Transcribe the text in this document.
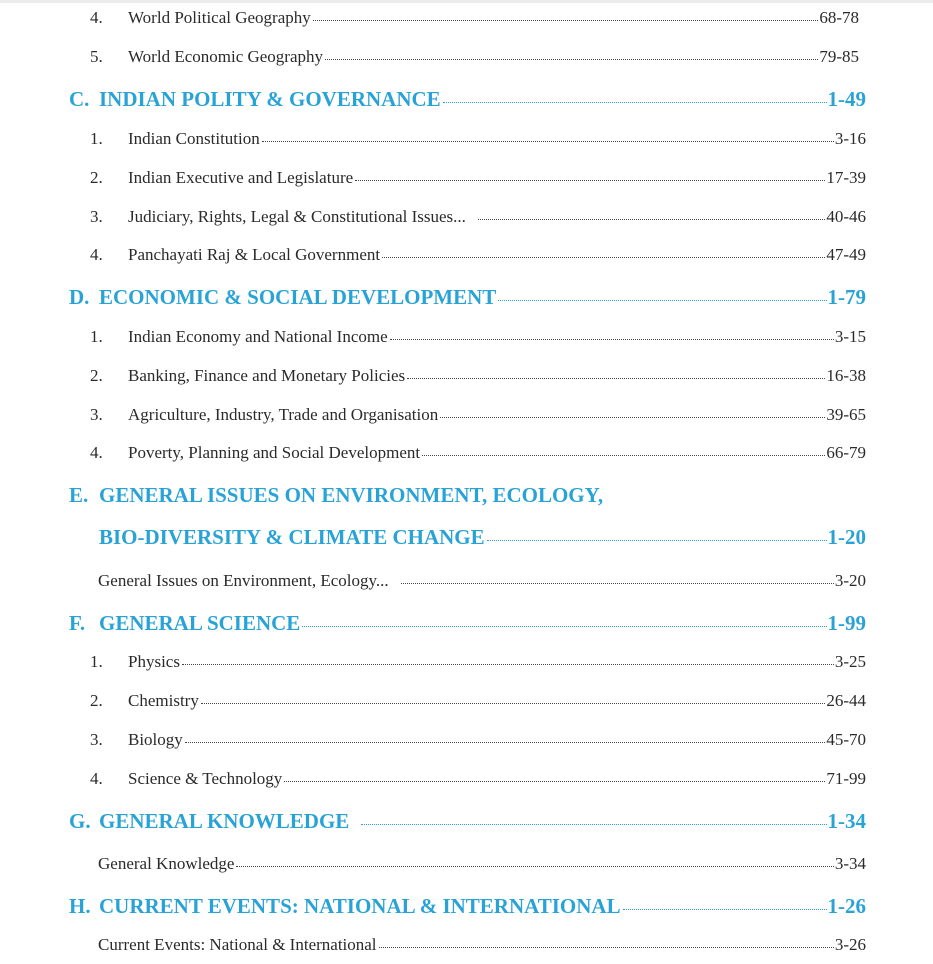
4.	World Political Geography	68-78
5.	World Economic Geography	79-85
C. INDIAN POLITY & GOVERNANCE	1-49
1.	Indian Constitution	3-16
2.	Indian Executive and Legislature	17-39
3.	Judiciary, Rights, Legal & Constitutional Issues...	40-46
4.	Panchayati Raj & Local Government	47-49
D. ECONOMIC & SOCIAL DEVELOPMENT	1-79
1.	Indian Economy and National Income	3-15
2.	Banking, Finance and Monetary Policies	16-38
3.	Agriculture, Industry, Trade and Organisation	39-65
4.	Poverty, Planning and Social Development	66-79
E. GENERAL ISSUES ON ENVIRONMENT, ECOLOGY,
BIO-DIVERSITY & CLIMATE CHANGE	1-20
General Issues on Environment, Ecology...	3-20
F. GENERAL SCIENCE	1-99
1.	Physics	3-25
2.	Chemistry	26-44
3.	Biology	45-70
4.	Science & Technology	71-99
G. GENERAL KNOWLEDGE	1-34
General Knowledge	3-34
H. CURRENT EVENTS: NATIONAL & INTERNATIONAL	1-26
Current Events: National & International	3-26
